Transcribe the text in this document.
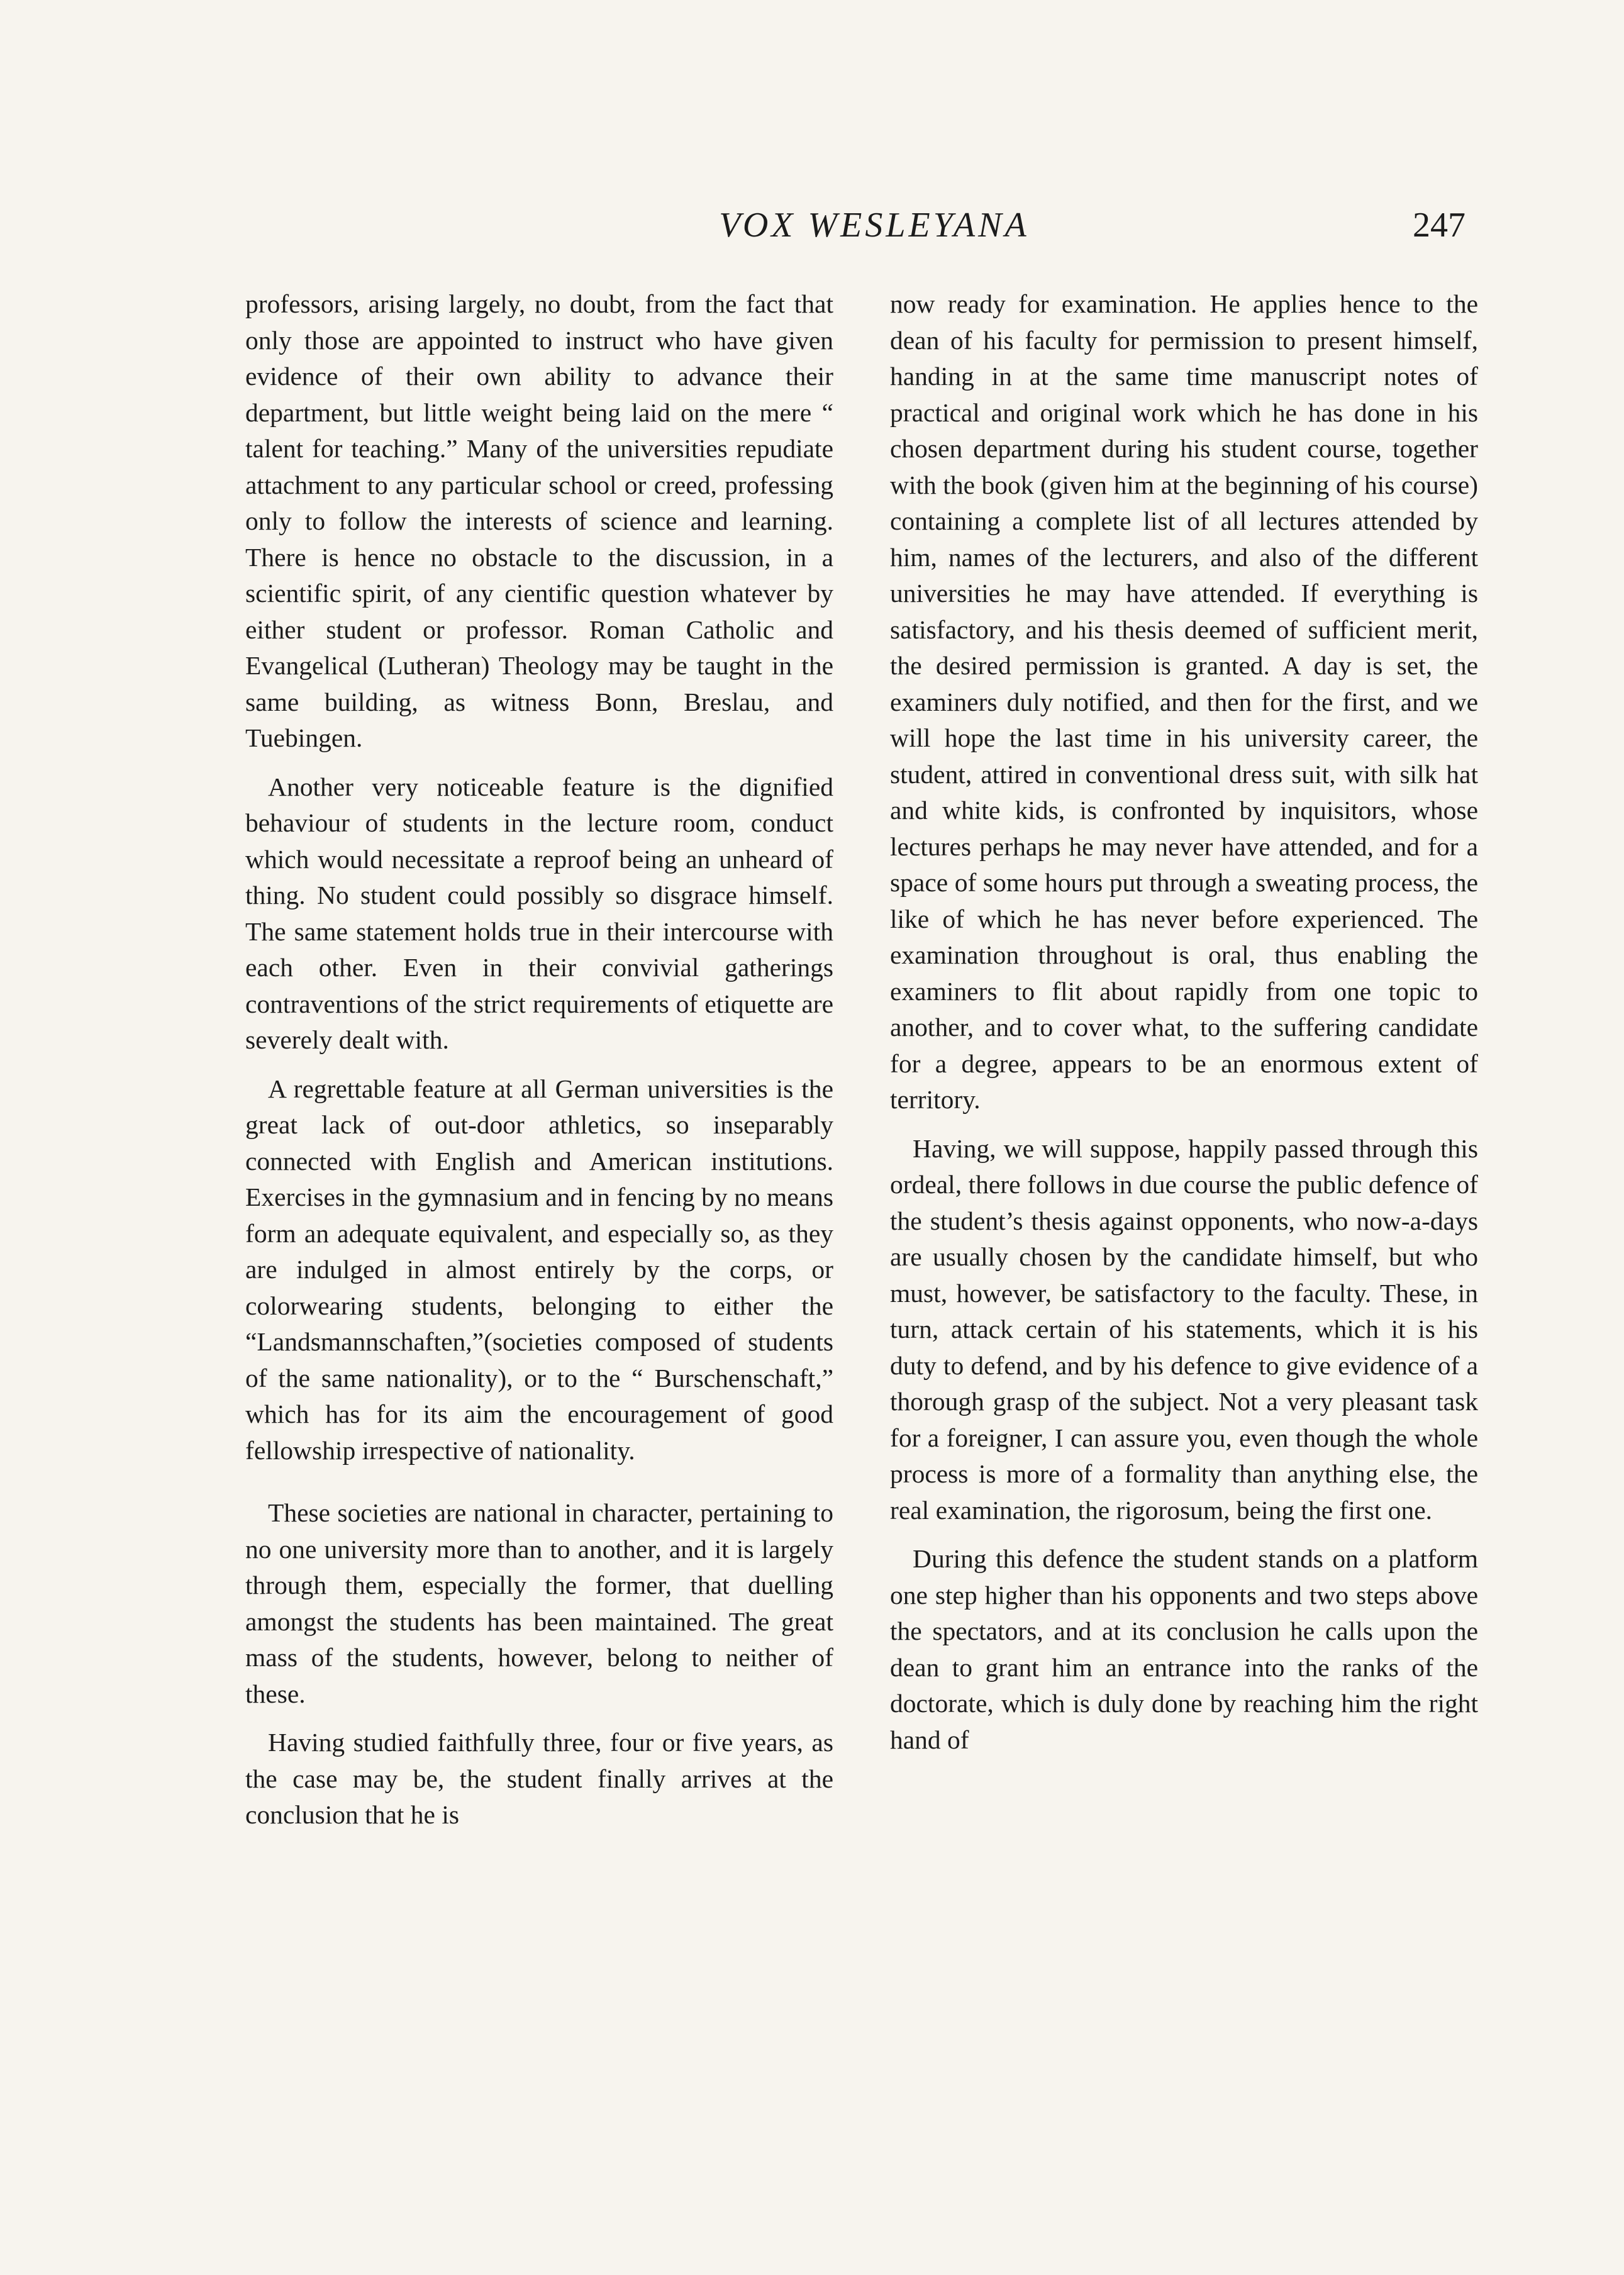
VOX WESLEYANA	247

professors, arising largely, no doubt, from the fact that only those are appointed to instruct who have given evidence of their own ability to advance their department, but little weight being laid on the mere “ talent for teaching.” Many of the universities repudiate attachment to any particular school or creed, professing only to follow the interests of science and learning. There is hence no obstacle to the discussion, in a scientific spirit, of any cientific question whatever by either student or professor. Roman Catholic and Evangelical (Lutheran) Theology may be taught in the same building, as witness Bonn, Breslau, and Tuebingen.

Another very noticeable feature is the dignified behaviour of students in the lecture room, conduct which would necessitate a reproof being an unheard of thing. No student could possibly so disgrace himself. The same statement holds true in their intercourse with each other. Even in their convivial gatherings contraventions of the strict requirements of etiquette are severely dealt with.

A regrettable feature at all German universities is the great lack of out-door athletics, so inseparably connected with English and American institutions. Exercises in the gymnasium and in fencing by no means form an adequate equivalent, and especially so, as they are indulged in almost entirely by the corps, or colorwearing students, belonging to either the “Landsmannschaften,”(societies composed of students of the same nationality), or to the “ Burschenschaft,” which has for its aim the encouragement of good fellowship irrespective of nationality.

These societies are national in character, pertaining to no one university more than to another, and it is largely through them, especially the former, that duelling amongst the students has been maintained. The great mass of the students, however, belong to neither of these.

Having studied faithfully three, four or five years, as the case may be, the student finally arrives at the conclusion that he is

now ready for examination. He applies hence to the dean of his faculty for permission to present himself, handing in at the same time manuscript notes of practical and original work which he has done in his chosen department during his student course, together with the book (given him at the beginning of his course) containing a complete list of all lectures attended by him, names of the lecturers, and also of the different universities he may have attended. If everything is satisfactory, and his thesis deemed of sufficient merit, the desired permission is granted. A day is set, the examiners duly notified, and then for the first, and we will hope the last time in his university career, the student, attired in conventional dress suit, with silk hat and white kids, is confronted by inquisitors, whose lectures perhaps he may never have attended, and for a space of some hours put through a sweating process, the like of which he has never before experienced. The examination throughout is oral, thus enabling the examiners to flit about rapidly from one topic to another, and to cover what, to the suffering candidate for a degree, appears to be an enormous extent of territory.

Having, we will suppose, happily passed through this ordeal, there follows in due course the public defence of the student’s thesis against opponents, who now-a-days are usually chosen by the candidate himself, but who must, however, be satisfactory to the faculty. These, in turn, attack certain of his statements, which it is his duty to defend, and by his defence to give evidence of a thorough grasp of the subject. Not a very pleasant task for a foreigner, I can assure you, even though the whole process is more of a formality than anything else, the real examination, the rigorosum, being the first one.

During this defence the student stands on a platform one step higher than his opponents and two steps above the spectators, and at its conclusion he calls upon the dean to grant him an entrance into the ranks of the doctorate, which is duly done by reaching him the right hand of
